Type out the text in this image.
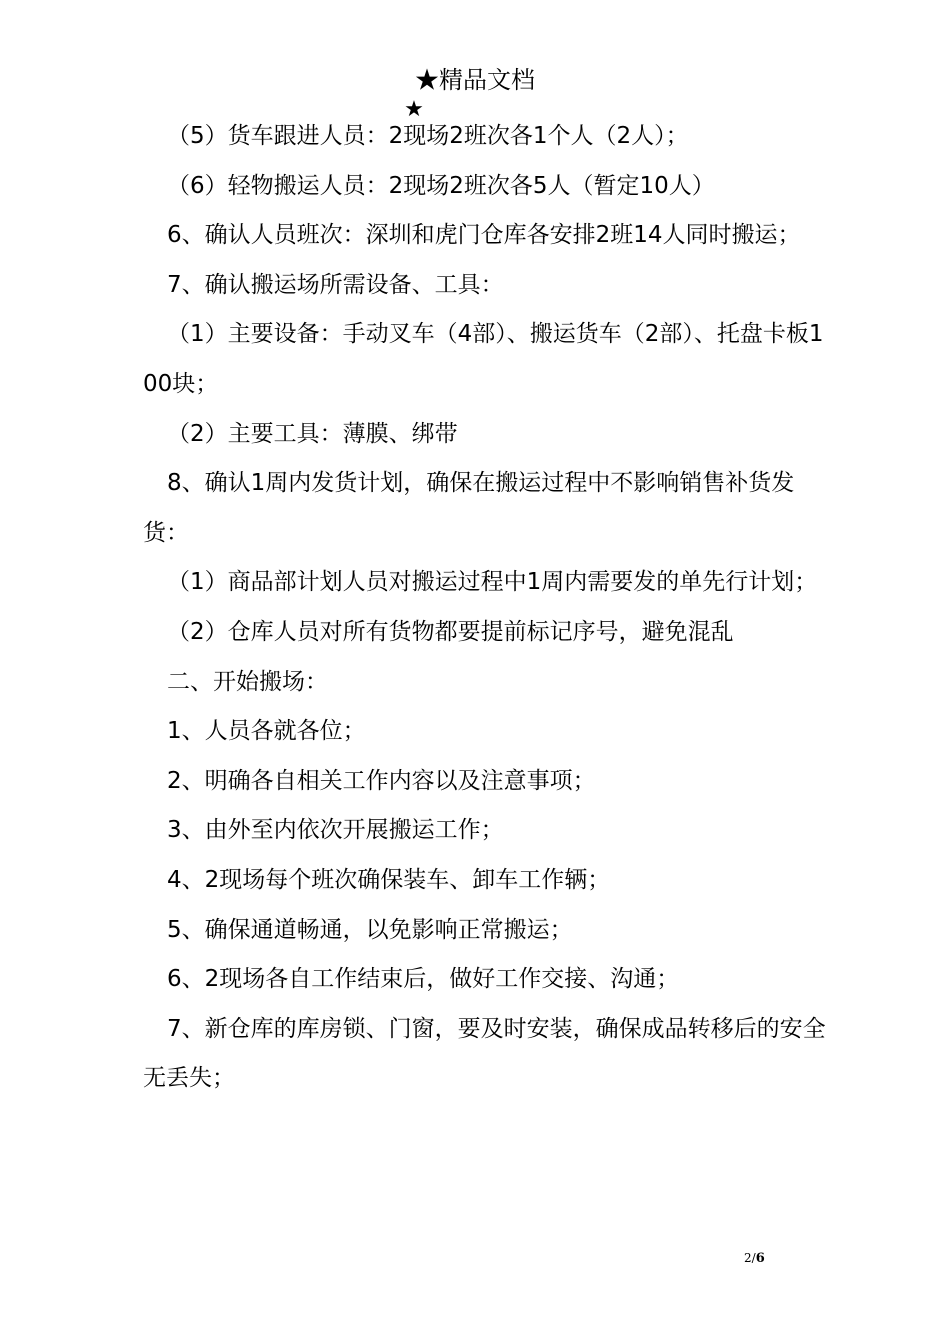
★精品文档
★

（5）货车跟进人员：2现场2班次各1个人（2人）；

（6）轻物搬运人员：2现场2班次各5人（暂定10人）

6、确认人员班次：深圳和虎门仓库各安排2班14人同时搬运；

7、确认搬运场所需设备、工具：

（1）主要设备：手动叉车（4部）、搬运货车（2部）、托盘卡板100块；

（2）主要工具：薄膜、绑带

8、确认1周内发货计划，确保在搬运过程中不影响销售补货发货：

（1）商品部计划人员对搬运过程中1周内需要发的单先行计划；

（2）仓库人员对所有货物都要提前标记序号，避免混乱

二、开始搬场：

1、人员各就各位；

2、明确各自相关工作内容以及注意事项；

3、由外至内依次开展搬运工作；

4、2现场每个班次确保装车、卸车工作辆；

5、确保通道畅通，以免影响正常搬运；

6、2现场各自工作结束后，做好工作交接、沟通；

7、新仓库的库房锁、门窗，要及时安装，确保成品转移后的安全无丢失；

2/6
